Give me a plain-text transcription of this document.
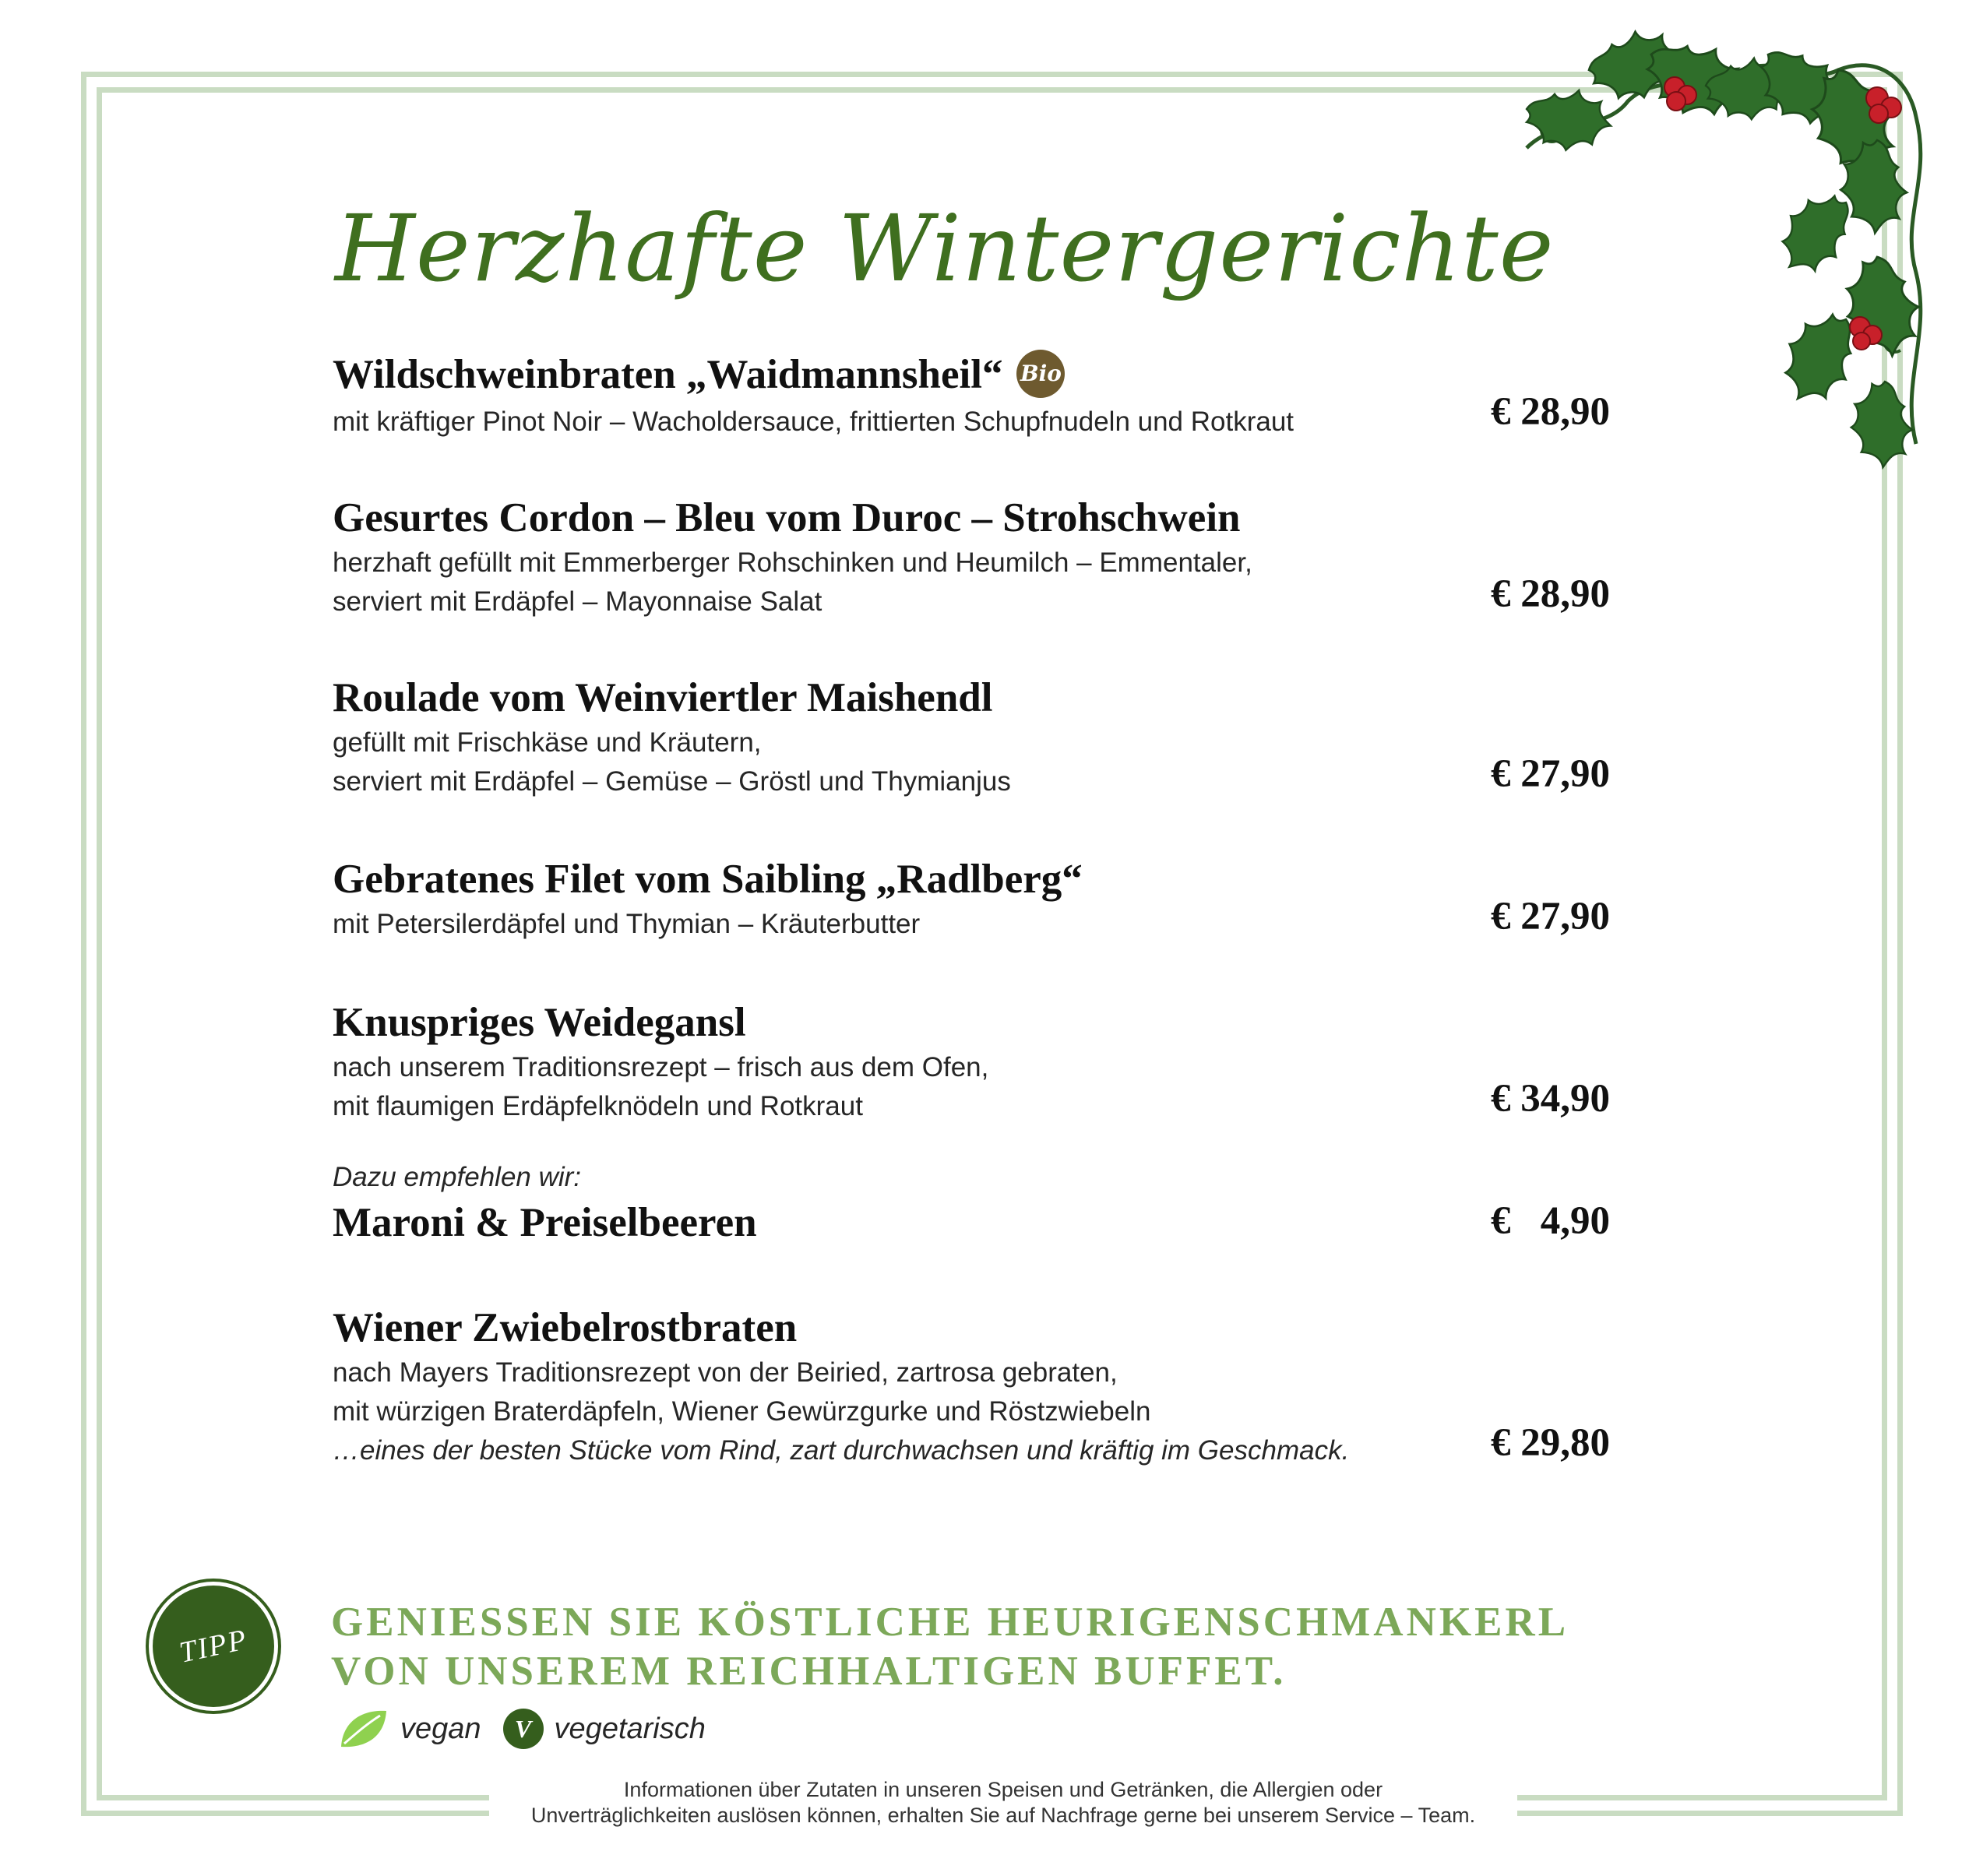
Herzhafte Wintergerichte
Wildschweinbraten „Waidmannsheil“ Bio
mit kräftiger Pinot Noir – Wacholdersauce, frittierten Schupfnudeln und Rotkraut	€ 28,90
Gesurtes Cordon – Bleu vom Duroc – Strohschwein
herzhaft gefüllt mit Emmerberger Rohschinken und Heumilch – Emmentaler,
serviert mit Erdäpfel – Mayonnaise Salat	€ 28,90
Roulade vom Weinviertler Maishendl
gefüllt mit Frischkäse und Kräutern,
serviert mit Erdäpfel – Gemüse – Gröstl und Thymianjus	€ 27,90
Gebratenes Filet vom Saibling „Radlberg“
mit Petersilerdäpfel und Thymian – Kräuterbutter	€ 27,90
Knuspriges Weidegansl
nach unserem Traditionsrezept – frisch aus dem Ofen,
mit flaumigen Erdäpfelknödeln und Rotkraut	€ 34,90
Dazu empfehlen wir:
Maroni & Preiselbeeren	€   4,90
Wiener Zwiebelrostbraten
nach Mayers Traditionsrezept von der Beiried, zartrosa gebraten,
mit würzigen Braterdäpfeln, Wiener Gewürzgurke und Röstzwiebeln
…eines der besten Stücke vom Rind, zart durchwachsen und kräftig im Geschmack.	€ 29,80
TIPP
GENIESSEN SIE KÖSTLICHE HEURIGENSCHMANKERL
VON UNSEREM REICHHALTIGEN BUFFET.
vegan	V vegetarisch
Informationen über Zutaten in unseren Speisen und Getränken, die Allergien oder
Unverträglichkeiten auslösen können, erhalten Sie auf Nachfrage gerne bei unserem Service – Team.
